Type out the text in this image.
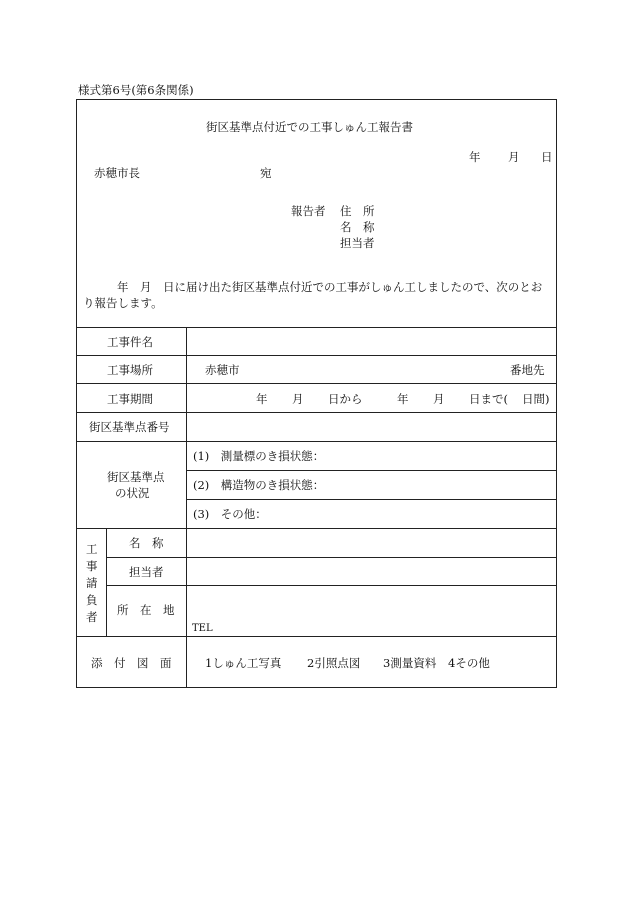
様式第6号(第6条関係)
街区基準点付近での工事しゅん工報告書
年 月 日
赤穂市長	宛
報告者 住　所
名　称
担当者
年　月　日に届け出た街区基準点付近での工事がしゅん工しましたので、次のとお
り報告します。
工事件名
工事場所	赤穂市	番地先
工事期間	年 月 日から	年 月 日まで( 日間)
街区基準点番号
街区基準点
の状況
(1)　測量標のき損状態：
(2)　構造物のき損状態：
(3)　その他：
工
事
請
負
者
名　称
担当者
所　在　地
TEL
添　付　図　面	1しゅん工写真 2引照点図 3測量資料 4その他
